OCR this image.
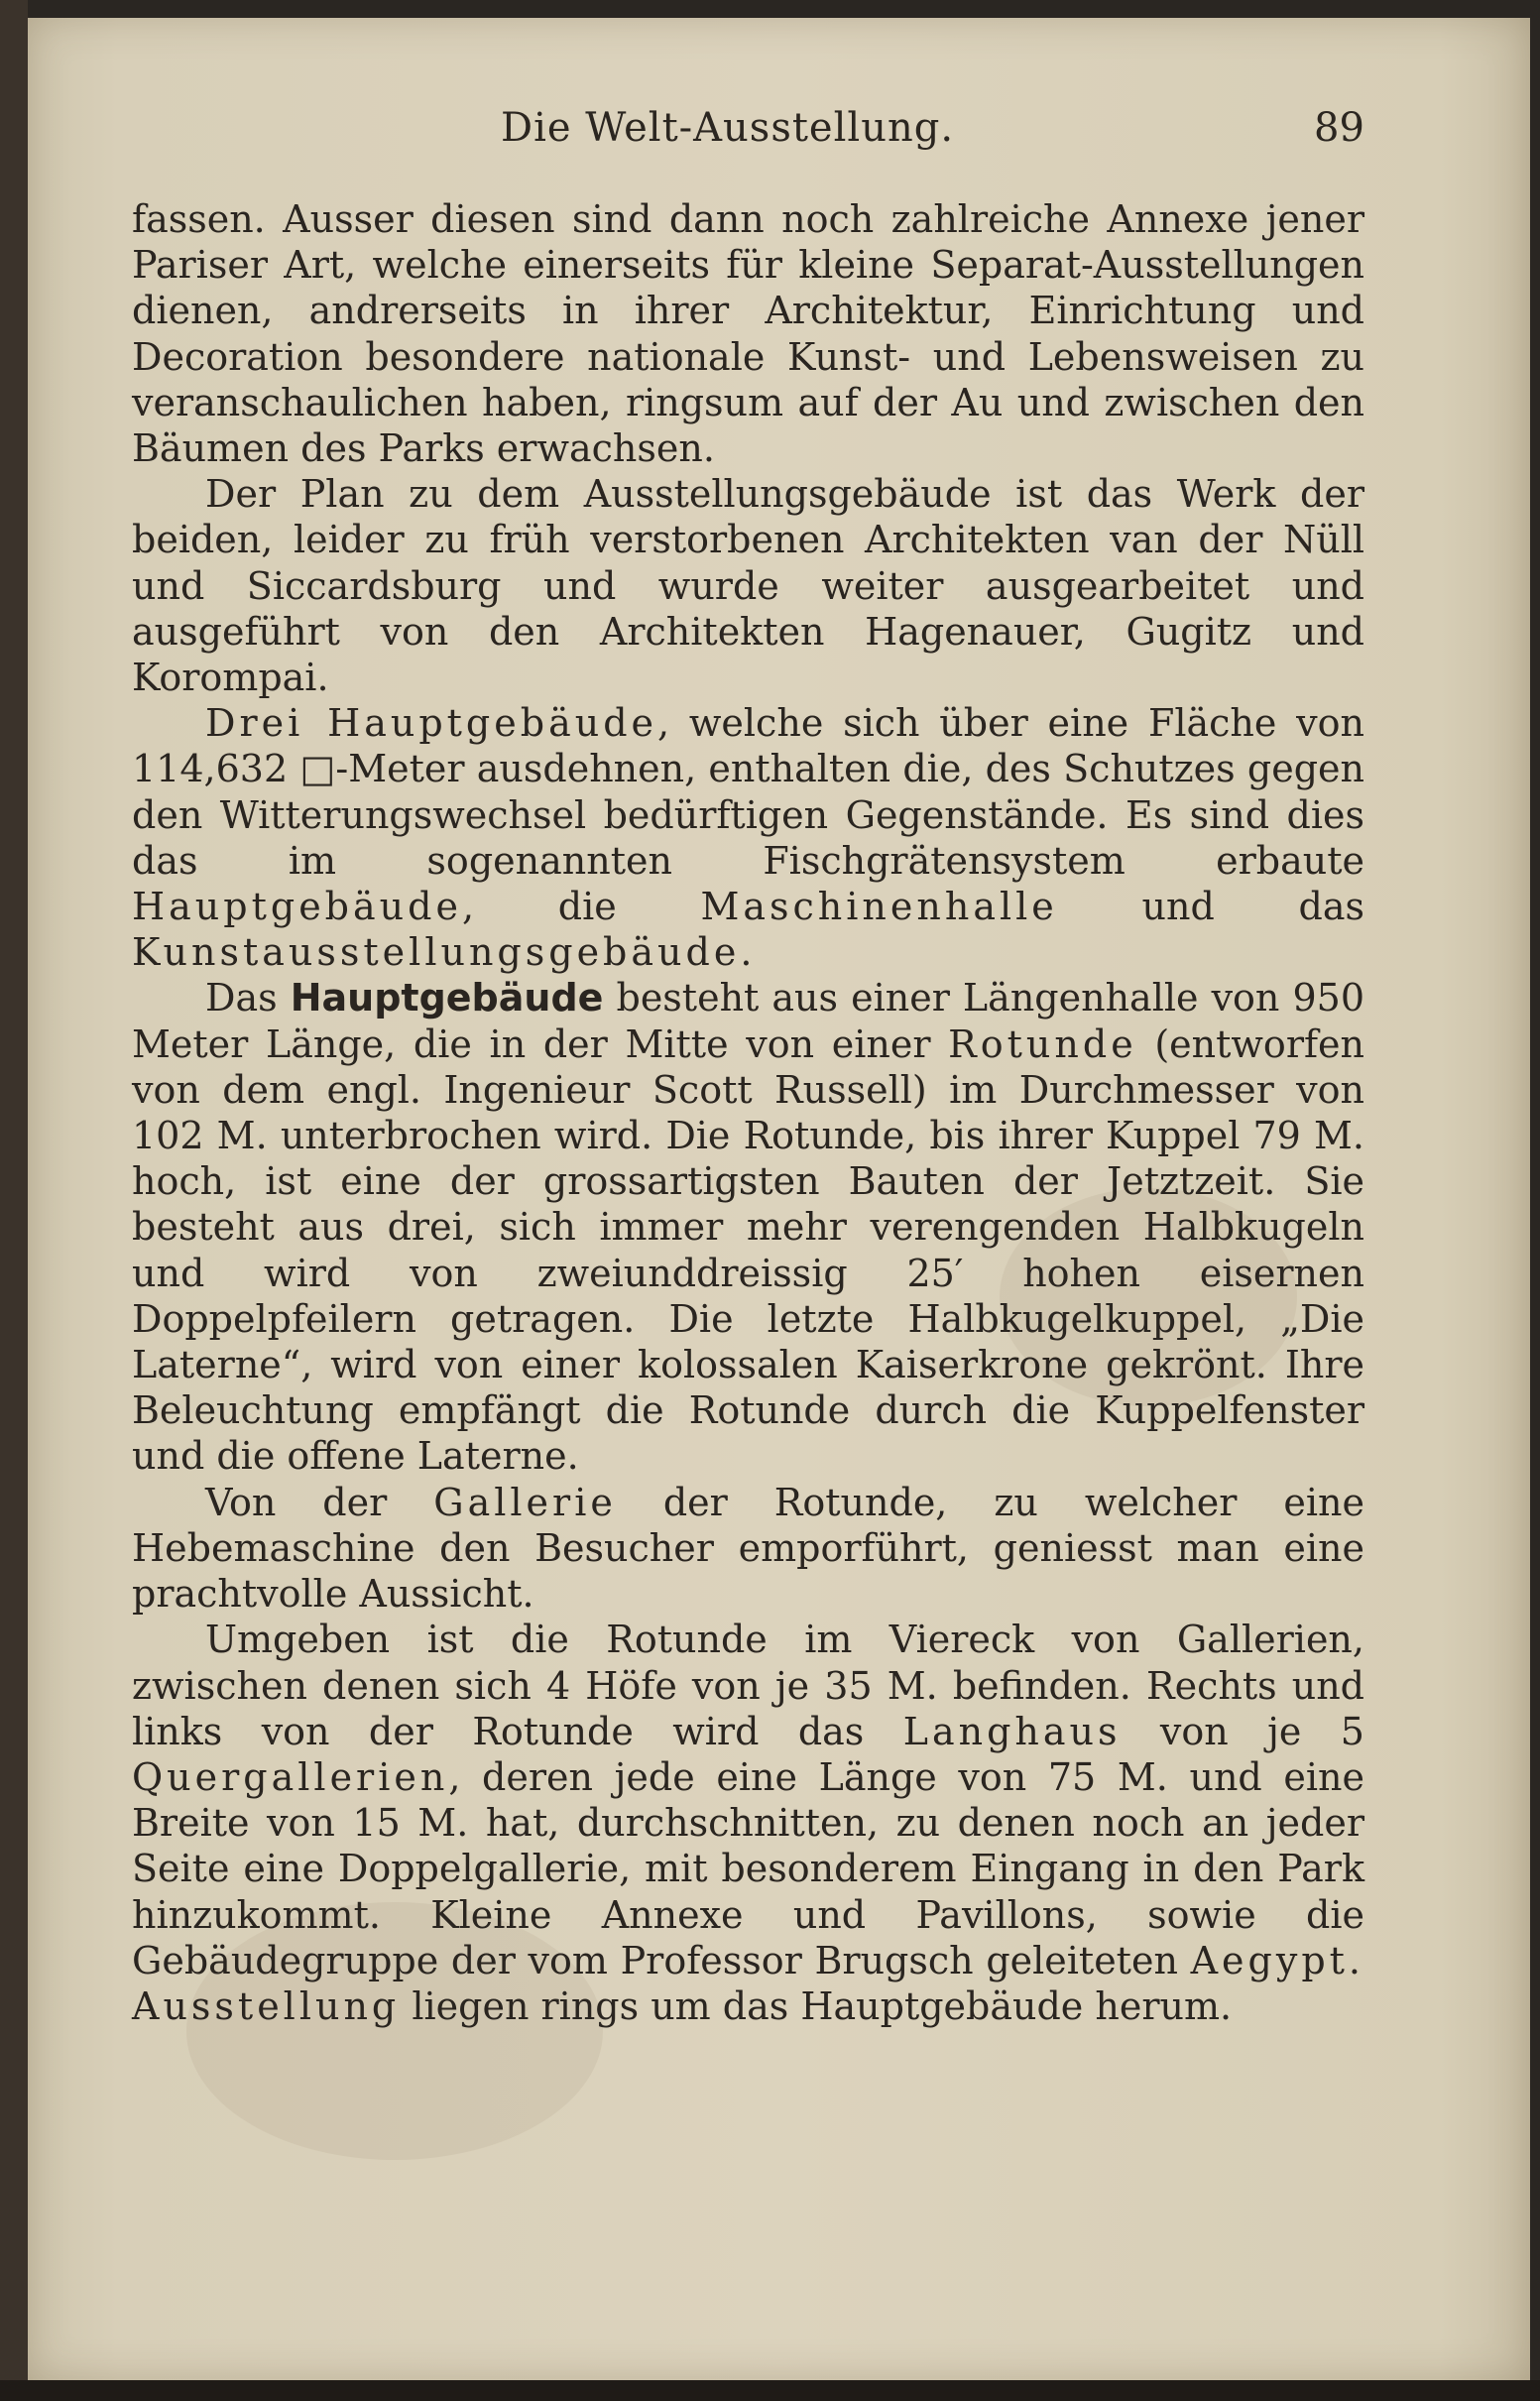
Die Welt-Ausstellung.	89

fassen. Ausser diesen sind dann noch zahlreiche Annexe jener Pariser Art, welche einerseits für kleine Separat-Ausstellungen dienen, andrerseits in ihrer Architektur, Einrichtung und Decoration besondere nationale Kunst- und Lebensweisen zu veranschaulichen haben, ringsum auf der Au und zwischen den Bäumen des Parks erwachsen.

Der Plan zu dem Ausstellungsgebäude ist das Werk der beiden, leider zu früh verstorbenen Architekten van der Nüll und Siccardsburg und wurde weiter ausgearbeitet und ausgeführt von den Architekten Hagenauer, Gugitz und Korompai.

Drei Hauptgebäude, welche sich über eine Fläche von 114,632 □-Meter ausdehnen, enthalten die, des Schutzes gegen den Witterungswechsel bedürftigen Gegenstände. Es sind dies das im sogenannten Fischgrätensystem erbaute Hauptgebäude, die Maschinenhalle und das Kunstausstellungsgebäude.

Das Hauptgebäude besteht aus einer Längenhalle von 950 Meter Länge, die in der Mitte von einer Rotunde (entworfen von dem engl. Ingenieur Scott Russell) im Durchmesser von 102 M. unterbrochen wird. Die Rotunde, bis ihrer Kuppel 79 M. hoch, ist eine der grossartigsten Bauten der Jetztzeit. Sie besteht aus drei, sich immer mehr verengenden Halbkugeln und wird von zweiunddreissig 25′ hohen eisernen Doppelpfeilern getragen. Die letzte Halbkugelkuppel, „Die Laterne“, wird von einer kolossalen Kaiserkrone gekrönt. Ihre Beleuchtung empfängt die Rotunde durch die Kuppelfenster und die offene Laterne.

Von der Gallerie der Rotunde, zu welcher eine Hebemaschine den Besucher emporführt, geniesst man eine prachtvolle Aussicht.

Umgeben ist die Rotunde im Viereck von Gallerien, zwischen denen sich 4 Höfe von je 35 M. befinden. Rechts und links von der Rotunde wird das Langhaus von je 5 Quergallerien, deren jede eine Länge von 75 M. und eine Breite von 15 M. hat, durchschnitten, zu denen noch an jeder Seite eine Doppelgallerie, mit besonderem Eingang in den Park hinzukommt. Kleine Annexe und Pavillons, sowie die Gebäudegruppe der vom Professor Brugsch geleiteten Aegypt. Ausstellung liegen rings um das Hauptgebäude herum.
